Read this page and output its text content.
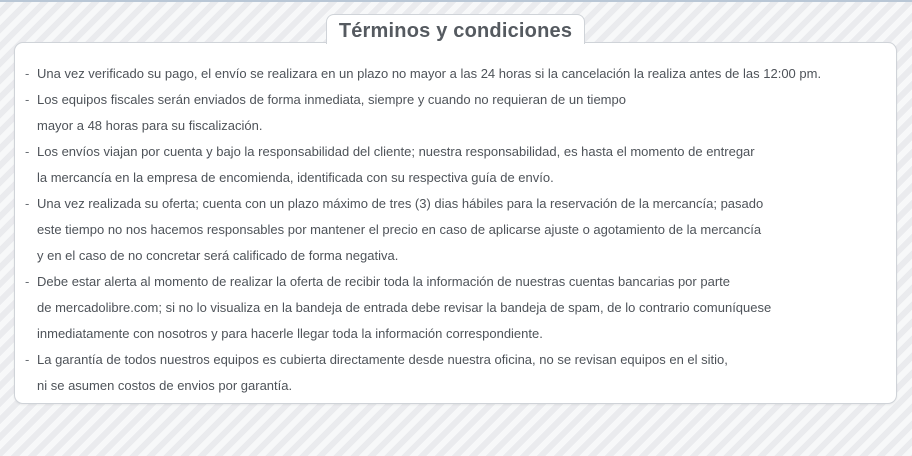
Términos y condiciones
- Una vez verificado su pago, el envío se realizara en un plazo no mayor a las 24 horas si la cancelación la realiza antes de las 12:00 pm.
- Los equipos fiscales serán enviados de forma inmediata, siempre y cuando no requieran de un tiempo
mayor a 48 horas para su fiscalización.
- Los envíos viajan por cuenta y bajo la responsabilidad del cliente; nuestra responsabilidad, es hasta el momento de entregar
la mercancía en la empresa de encomienda, identificada con su respectiva guía de envío.
- Una vez realizada su oferta; cuenta con un plazo máximo de tres (3) dias hábiles para la reservación de la mercancía; pasado
este tiempo no nos hacemos responsables por mantener el precio en caso de aplicarse ajuste o agotamiento de la mercancía
y en el caso de no concretar será calificado de forma negativa.
- Debe estar alerta al momento de realizar la oferta de recibir toda la información de nuestras cuentas bancarias por parte
de mercadolibre.com; si no lo visualiza en la bandeja de entrada debe revisar la bandeja de spam, de lo contrario comuníquese
inmediatamente con nosotros y para hacerle llegar toda la información correspondiente.
- La garantía de todos nuestros equipos es cubierta directamente desde nuestra oficina, no se revisan equipos en el sitio,
ni se asumen costos de envios por garantía.
